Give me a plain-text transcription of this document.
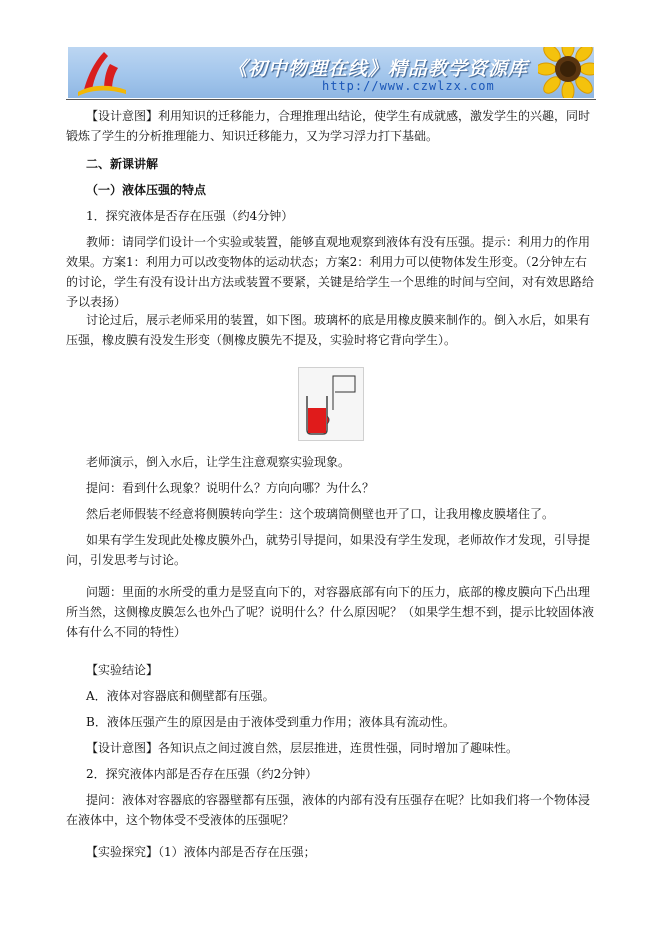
《初中物理在线》精品教学资源库
http://www.czwlzx.com
【设计意图】利用知识的迁移能力，合理推理出结论，使学生有成就感，激发学生的兴趣，同时锻炼了学生的分析推理能力、知识迁移能力，又为学习浮力打下基础。
二、新课讲解
（一）液体压强的特点
1．探究液体是否存在压强（约4分钟）
教师：请同学们设计一个实验或装置，能够直观地观察到液体有没有压强。提示：利用力的作用效果。方案1：利用力可以改变物体的运动状态；方案2：利用力可以使物体发生形变。（2分钟左右的讨论，学生有没有设计出方法或装置不要紧，关键是给学生一个思维的时间与空间，对有效思路给予以表扬）
讨论过后，展示老师采用的装置，如下图。玻璃杯的底是用橡皮膜来制作的。倒入水后，如果有压强，橡皮膜有没发生形变（侧橡皮膜先不提及，实验时将它背向学生）。
老师演示，倒入水后，让学生注意观察实验现象。
提问：看到什么现象？说明什么？方向向哪？为什么？
然后老师假装不经意将侧膜转向学生：这个玻璃筒侧壁也开了口，让我用橡皮膜堵住了。
如果有学生发现此处橡皮膜外凸，就势引导提问，如果没有学生发现，老师故作才发现，引导提问，引发思考与讨论。
问题：里面的水所受的重力是竖直向下的，对容器底部有向下的压力，底部的橡皮膜向下凸出理所当然，这侧橡皮膜怎么也外凸了呢？说明什么？什么原因呢？（如果学生想不到，提示比较固体液体有什么不同的特性）
【实验结论】
A．液体对容器底和侧壁都有压强。
B．液体压强产生的原因是由于液体受到重力作用；液体具有流动性。
【设计意图】各知识点之间过渡自然，层层推进，连贯性强，同时增加了趣味性。
2．探究液体内部是否存在压强（约2分钟）
提问：液体对容器底的容器壁都有压强，液体的内部有没有压强存在呢？比如我们将一个物体浸在液体中，这个物体受不受液体的压强呢？
【实验探究】（1）液体内部是否存在压强；
